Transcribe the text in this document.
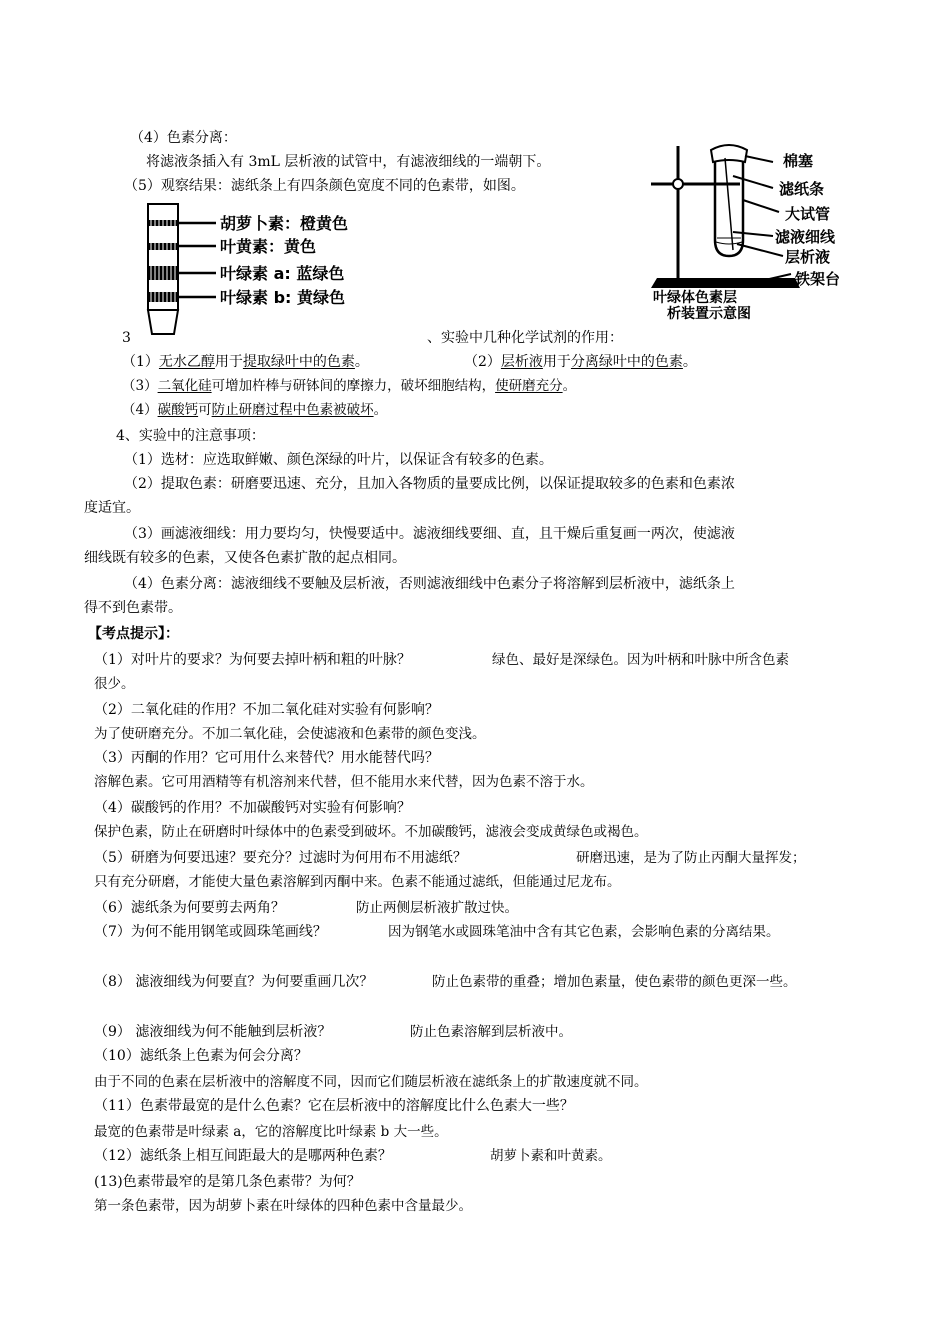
（4）色素分离：
将滤液条插入有 3mL 层析液的试管中，有滤液细线的一端朝下。
（5）观察结果：滤纸条上有四条颜色宽度不同的色素带，如图。
胡萝卜素：橙黄色
叶黄素：黄色
叶绿素 a: 蓝绿色
叶绿素 b: 黄绿色
棉塞
滤纸条
大试管
滤液细线
层析液
铁架台
叶绿体色素层
析装置示意图
3	、实验中几种化学试剂的作用：
（1）无水乙醇用于提取绿叶中的色素。	（2）层析液用于分离绿叶中的色素。
（3）二氧化硅可增加杵棒与研钵间的摩擦力，破坏细胞结构，使研磨充分。
（4）碳酸钙可防止研磨过程中色素被破坏。
4、实验中的注意事项：
（1）选材：应选取鲜嫩、颜色深绿的叶片，以保证含有较多的色素。
（2）提取色素：研磨要迅速、充分，且加入各物质的量要成比例，以保证提取较多的色素和色素浓
度适宜。
（3）画滤液细线：用力要均匀，快慢要适中。滤液细线要细、直，且干燥后重复画一两次，使滤液
细线既有较多的色素，又使各色素扩散的起点相同。
（4）色素分离：滤液细线不要触及层析液，否则滤液细线中色素分子将溶解到层析液中，滤纸条上
得不到色素带。
【考点提示】：
（1）对叶片的要求？为何要去掉叶柄和粗的叶脉？	绿色、最好是深绿色。因为叶柄和叶脉中所含色素
很少。
（2）二氧化硅的作用？不加二氧化硅对实验有何影响？
为了使研磨充分。不加二氧化硅，会使滤液和色素带的颜色变浅。
（3）丙酮的作用？它可用什么来替代？用水能替代吗？
溶解色素。它可用酒精等有机溶剂来代替，但不能用水来代替，因为色素不溶于水。
（4）碳酸钙的作用？不加碳酸钙对实验有何影响？
保护色素，防止在研磨时叶绿体中的色素受到破坏。不加碳酸钙，滤液会变成黄绿色或褐色。
（5）研磨为何要迅速？要充分？过滤时为何用布不用滤纸？	研磨迅速，是为了防止丙酮大量挥发；
只有充分研磨，才能使大量色素溶解到丙酮中来。色素不能通过滤纸，但能通过尼龙布。
（6）滤纸条为何要剪去两角？	防止两侧层析液扩散过快。
（7）为何不能用钢笔或圆珠笔画线？	因为钢笔水或圆珠笔油中含有其它色素，会影响色素的分离结果。
（8） 滤液细线为何要直？为何要重画几次？	防止色素带的重叠；增加色素量，使色素带的颜色更深一些。
（9） 滤液细线为何不能触到层析液？	防止色素溶解到层析液中。
（10）滤纸条上色素为何会分离？
由于不同的色素在层析液中的溶解度不同，因而它们随层析液在滤纸条上的扩散速度就不同。
（11）色素带最宽的是什么色素？它在层析液中的溶解度比什么色素大一些？
最宽的色素带是叶绿素 a，它的溶解度比叶绿素 b 大一些。
（12）滤纸条上相互间距最大的是哪两种色素？	胡萝卜素和叶黄素。
(13)色素带最窄的是第几条色素带？为何？
第一条色素带，因为胡萝卜素在叶绿体的四种色素中含量最少。
